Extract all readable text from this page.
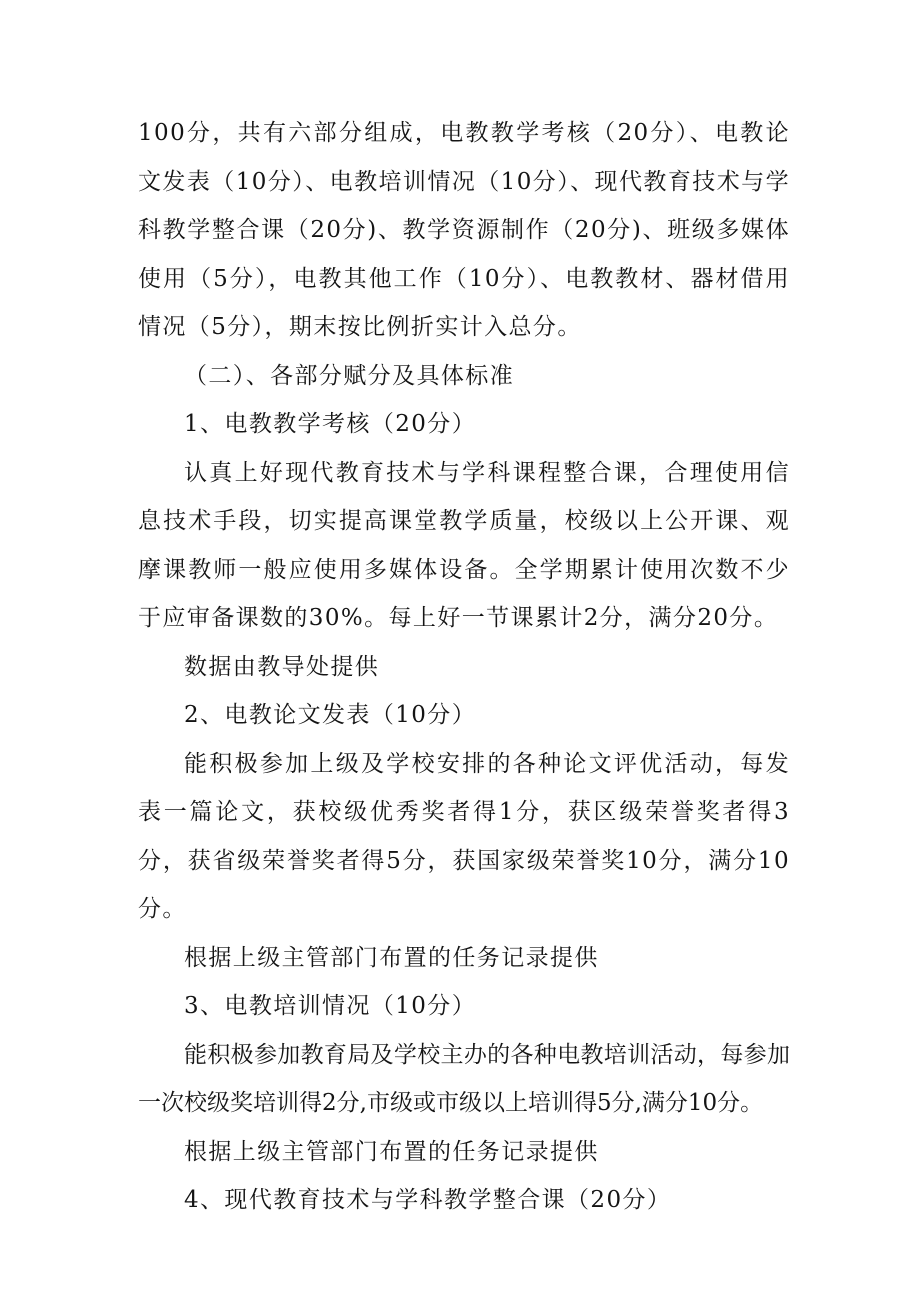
100分，共有六部分组成，电教教学考核（20分）、电教论文发表（10分）、电教培训情况（10分）、现代教育技术与学科教学整合课（20分)、教学资源制作（20分)、班级多媒体使用（5分），电教其他工作（10分）、电教教材、器材借用情况（5分），期末按比例折实计入总分。

（二）、各部分赋分及具体标准

1、电教教学考核（20分）

认真上好现代教育技术与学科课程整合课，合理使用信息技术手段，切实提高课堂教学质量，校级以上公开课、观摩课教师一般应使用多媒体设备。全学期累计使用次数不少于应审备课数的30%。每上好一节课累计2分，满分20分。

数据由教导处提供

2、电教论文发表（10分）

能积极参加上级及学校安排的各种论文评优活动，每发表一篇论文，获校级优秀奖者得1分，获区级荣誉奖者得3分，获省级荣誉奖者得5分，获国家级荣誉奖10分，满分10分。

根据上级主管部门布置的任务记录提供

3、电教培训情况（10分）

能积极参加教育局及学校主办的各种电教培训活动，每参加一次校级奖培训得2分,市级或市级以上培训得5分,满分10分。

根据上级主管部门布置的任务记录提供

4、现代教育技术与学科教学整合课（20分）
